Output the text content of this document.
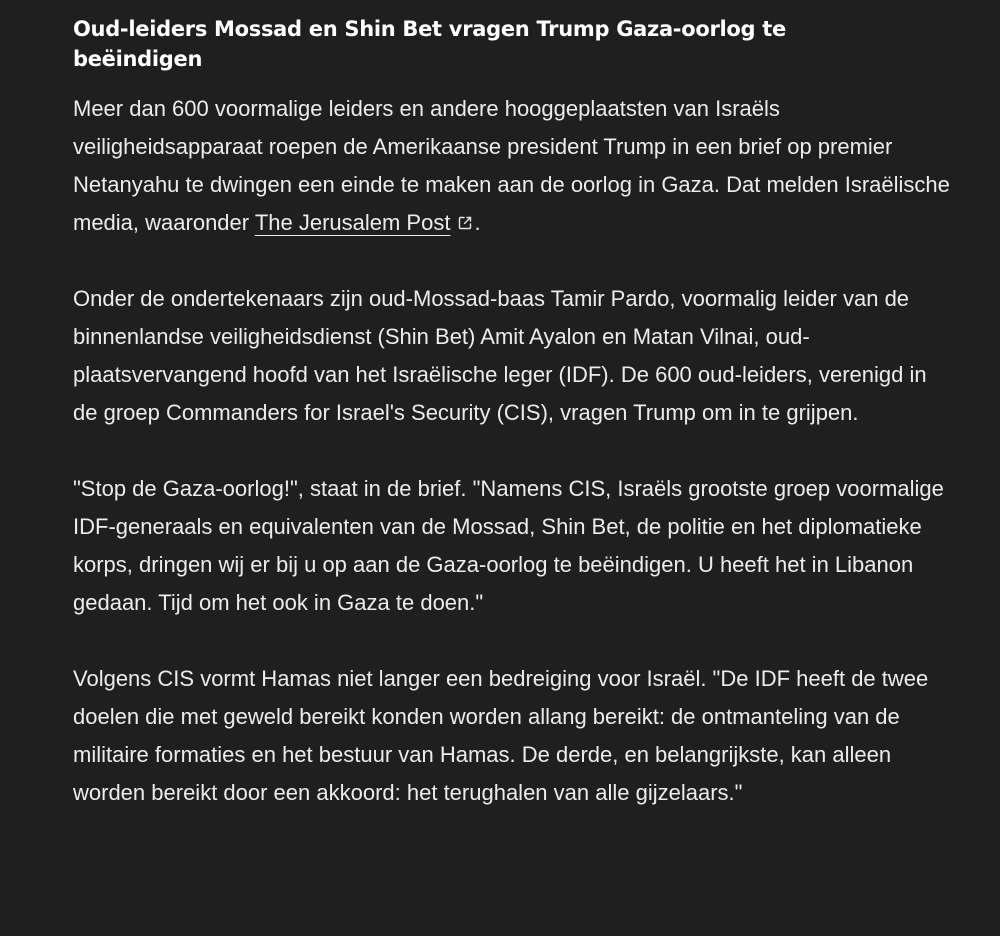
Oud-leiders Mossad en Shin Bet vragen Trump Gaza-oorlog te beëindigen

Meer dan 600 voormalige leiders en andere hooggeplaatsten van Israëls veiligheidsapparaat roepen de Amerikaanse president Trump in een brief op premier Netanyahu te dwingen een einde te maken aan de oorlog in Gaza. Dat melden Israëlische media, waaronder The Jerusalem Post .

Onder de ondertekenaars zijn oud-Mossad-baas Tamir Pardo, voormalig leider van de binnenlandse veiligheidsdienst (Shin Bet) Amit Ayalon en Matan Vilnai, oud-plaatsvervangend hoofd van het Israëlische leger (IDF). De 600 oud-leiders, verenigd in de groep Commanders for Israel's Security (CIS), vragen Trump om in te grijpen.

"Stop de Gaza-oorlog!", staat in de brief. "Namens CIS, Israëls grootste groep voormalige IDF-generaals en equivalenten van de Mossad, Shin Bet, de politie en het diplomatieke korps, dringen wij er bij u op aan de Gaza-oorlog te beëindigen. U heeft het in Libanon gedaan. Tijd om het ook in Gaza te doen."

Volgens CIS vormt Hamas niet langer een bedreiging voor Israël. "De IDF heeft de twee doelen die met geweld bereikt konden worden allang bereikt: de ontmanteling van de militaire formaties en het bestuur van Hamas. De derde, en belangrijkste, kan alleen worden bereikt door een akkoord: het terughalen van alle gijzelaars."
